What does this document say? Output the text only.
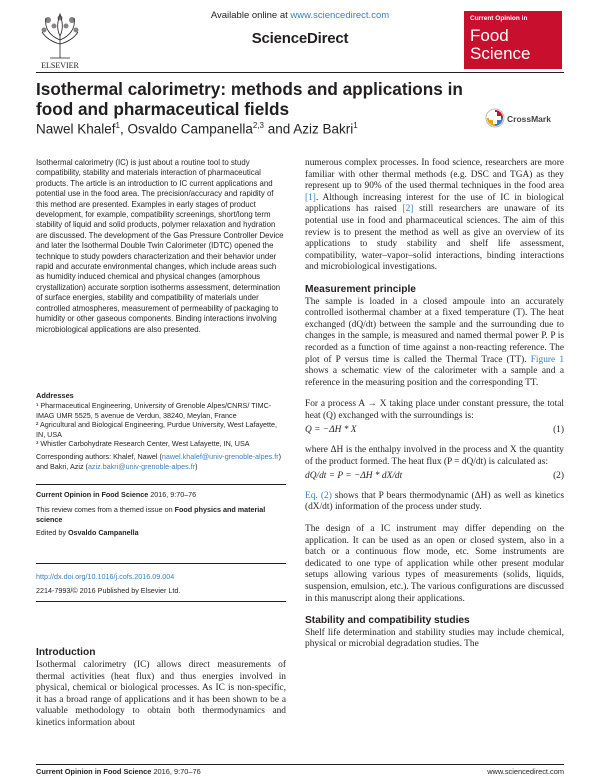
ELSEVIER
Available online at www.sciencedirect.com
ScienceDirect
Current Opinion in
Food
Science
Isothermal calorimetry: methods and applications in food and pharmaceutical fields
Nawel Khalef$^1$, Osvaldo Campanella$^{2,3}$ and Aziz Bakri$^1$
CrossMark

Isothermal calorimetry (IC) is just about a routine tool to study compatibility, stability and materials interaction of pharmaceutical products. The article is an introduction to IC current applications and potential use in the food area. The precision/accuracy and rapidity of this method are presented. Examples in early stages of product development, for example, compatibility screenings, short/long term stability of liquid and solid products, polymer relaxation and hydration are discussed. The development of the Gas Pressure Controller Device and later the Isothermal Double Twin Calorimeter (IDTC) opened the technique to study powders characterization and their behavior under rapid and accurate environmental changes, which include areas such as humidity induced chemical and physical changes (amorphous crystallization) accurate sorption isotherms assessment, determination of surface energies, stability and compatibility of materials under controlled atmospheres, measurement of permeability of packaging to humidity or other gaseous components. Binding interactions involving microbiological applications are also presented.

Addresses
¹ Pharmaceutical Engineering, University of Grenoble Alpes/CNRS/ TIMC-IMAG UMR 5525, 5 avenue de Verdun, 38240, Meylan, France
² Agricultural and Biological Engineering, Purdue University, West Lafayette, IN, USA
³ Whistler Carbohydrate Research Center, West Lafayette, IN, USA
Corresponding authors: Khalef, Nawel (nawel.khalef@univ-grenoble-alpes.fr) and Bakri, Aziz (aziz.bakri@univ-grenoble-alpes.fr)
Current Opinion in Food Science 2016, 9:70–76
This review comes from a themed issue on Food physics and material science
Edited by Osvaldo Campanella
http://dx.doi.org/10.1016/j.cofs.2016.09.004
2214-7993/© 2016 Published by Elsevier Ltd.
Introduction
Isothermal calorimetry (IC) allows direct measurements of thermal activities (heat flux) and thus energies involved in physical, chemical or biological processes. As IC is non-specific, it has a broad range of applications and it has been shown to be a valuable methodology to obtain both thermodynamics and kinetics information about

numerous complex processes. In food science, researchers are more familiar with other thermal methods (e.g. DSC and TGA) as they represent up to 90% of the used thermal techniques in the food area [1]. Although increasing interest for the use of IC in biological applications has raised [2] still researchers are unaware of its potential use in food and pharmaceutical sciences. The aim of this review is to present the method as well as give an overview of its applications to study stability and shelf life assessment, compatibility, water–vapor–solid interactions, binding interactions and microbiological investigations.

Measurement principle

The sample is loaded in a closed ampoule into an accurately controlled isothermal chamber at a fixed temperature (T). The heat exchanged (dQ/dt) between the sample and the surrounding due to changes in the sample, is measured and named thermal power P. P is recorded as a function of time against a non-reacting reference. The plot of P versus time is called the Thermal Trace (TT). Figure 1 shows a schematic view of the calorimeter with a sample and a reference in the measuring position and the corresponding TT.

For a process A → X taking place under constant pressure, the total heat (Q) exchanged with the surroundings is:

Q = −ΔH * X	(1)

where ΔH is the enthalpy involved in the process and X the quantity of the product formed. The heat flux (P = dQ/dt) is calculated as:

dQ/dt = P = −ΔH * dX/dt	(2)

Eq. (2) shows that P bears thermodynamic (ΔH) as well as kinetics (dX/dt) information of the process under study.

The design of a IC instrument may differ depending on the application. It can be used as an open or closed system, also in a batch or a continuous flow mode, etc. Some instruments are dedicated to one type of application while other present modular setups allowing various types of measurements (solids, liquids, suspension, emulsion, etc.). The various configurations are discussed in this manuscript along their applications.

Stability and compatibility studies

Shelf life determination and stability studies may include chemical, physical or microbial degradation studies. The

Current Opinion in Food Science 2016, 9:70–76	www.sciencedirect.com
